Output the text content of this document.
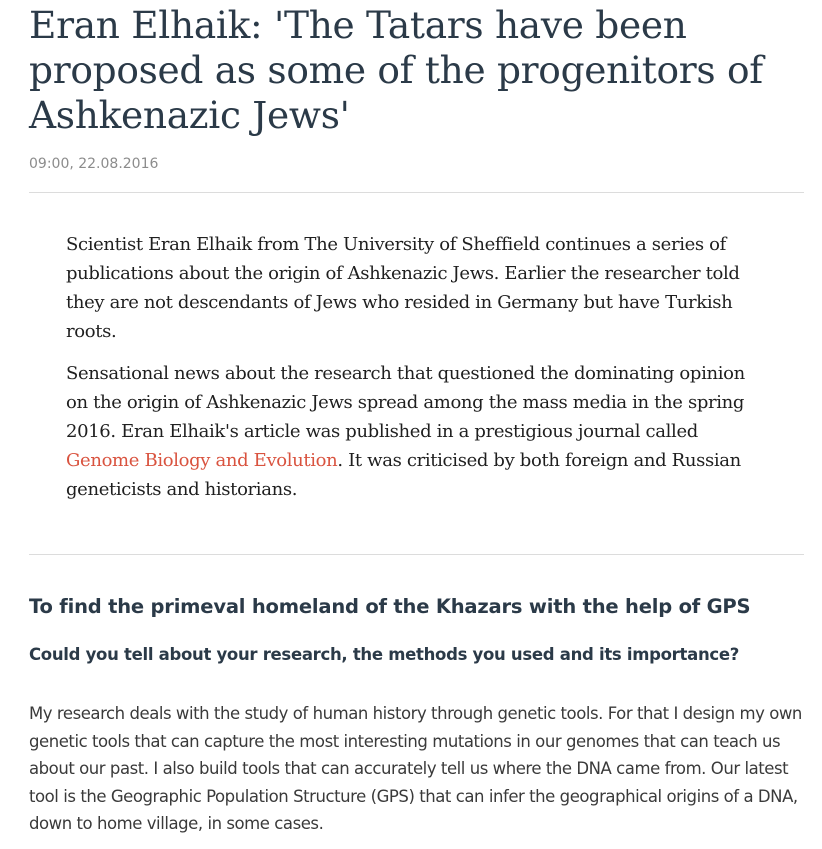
Eran Elhaik: 'The Tatars have been proposed as some of the progenitors of Ashkenazic Jews'
09:00, 22.08.2016

Scientist Eran Elhaik from The University of Sheffield continues a series of publications about the origin of Ashkenazic Jews. Earlier the researcher told they are not descendants of Jews who resided in Germany but have Turkish roots.

Sensational news about the research that questioned the dominating opinion on the origin of Ashkenazic Jews spread among the mass media in the spring 2016. Eran Elhaik's article was published in a prestigious journal called Genome Biology and Evolution. It was criticised by both foreign and Russian geneticists and historians.

To find the primeval homeland of the Khazars with the help of GPS
Could you tell about your research, the methods you used and its importance?

My research deals with the study of human history through genetic tools. For that I design my own genetic tools that can capture the most interesting mutations in our genomes that can teach us about our past. I also build tools that can accurately tell us where the DNA came from. Our latest tool is the Geographic Population Structure (GPS) that can infer the geographical origins of a DNA, down to home village, in some cases.
